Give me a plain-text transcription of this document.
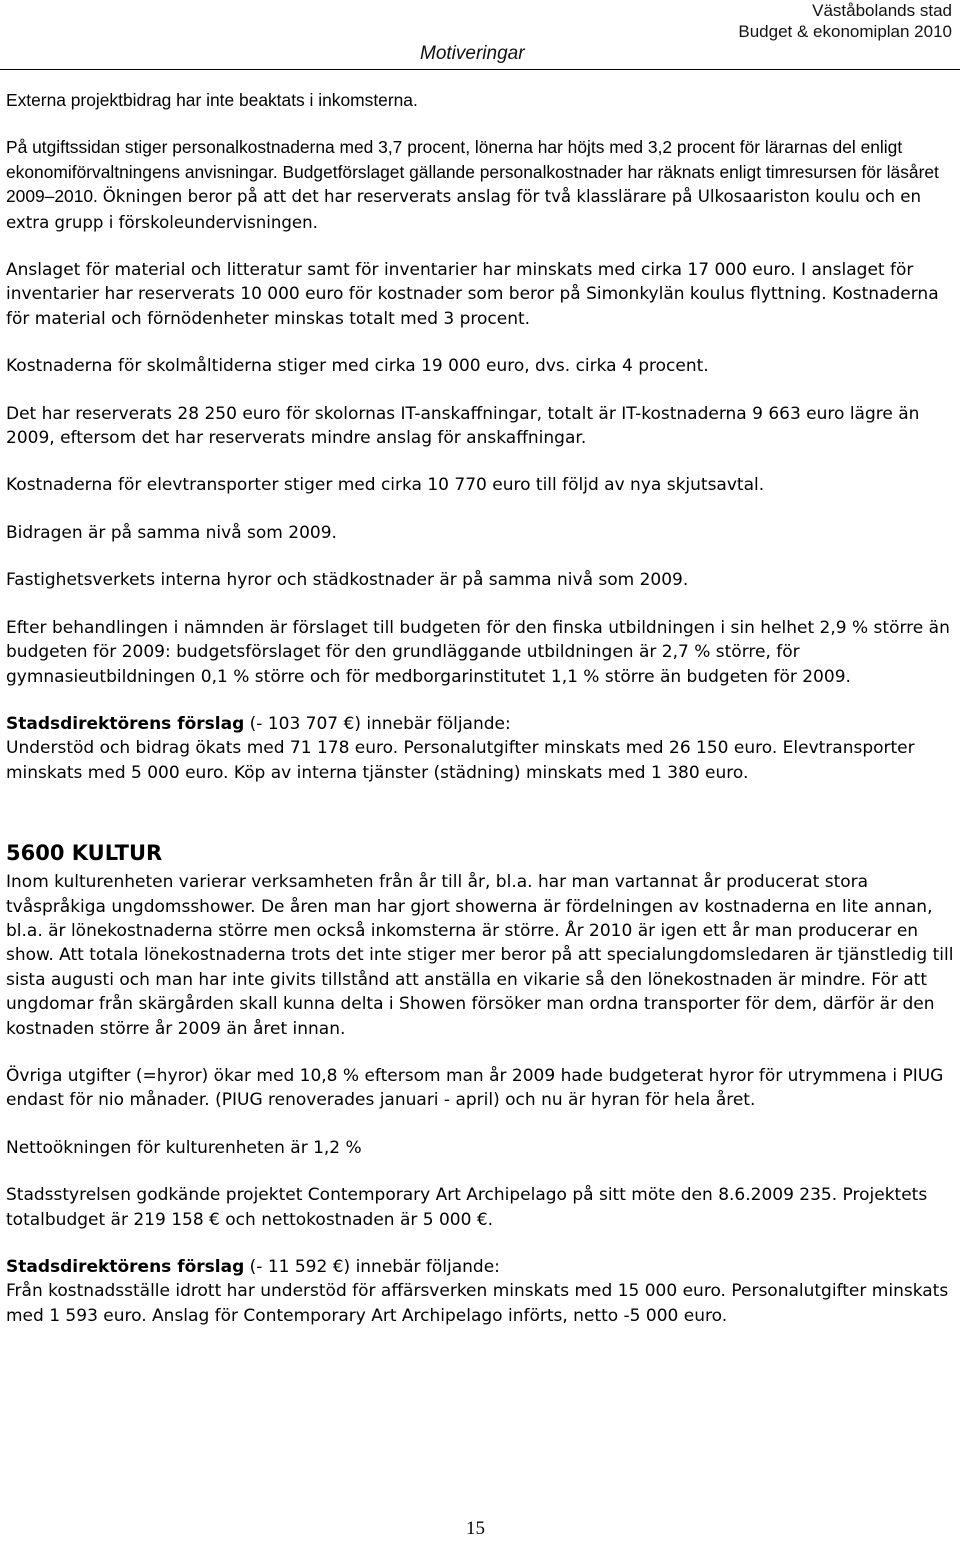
Motiveringar
Väståbolands stad
Budget & ekonomiplan 2010

Externa projektbidrag har inte beaktats i inkomsterna.

På utgiftssidan stiger personalkostnaderna med 3,7 procent, lönerna har höjts med 3,2 procent för lärarnas del enligt ekonomiförvaltningens anvisningar. Budgetförslaget gällande personalkostnader har räknats enligt timresursen för läsåret 2009–2010. Ökningen beror på att det har reserverats anslag för två klasslärare på Ulkosaariston koulu och en extra grupp i förskoleundervisningen.

Anslaget för material och litteratur samt för inventarier har minskats med cirka 17 000 euro. I anslaget för inventarier har reserverats 10 000 euro för kostnader som beror på Simonkylän koulus flyttning. Kostnaderna för material och förnödenheter minskas totalt med 3 procent.

Kostnaderna för skolmåltiderna stiger med cirka 19 000 euro, dvs. cirka 4 procent.

Det har reserverats 28 250 euro för skolornas IT-anskaffningar, totalt är IT-kostnaderna 9 663 euro lägre än 2009, eftersom det har reserverats mindre anslag för anskaffningar.

Kostnaderna för elevtransporter stiger med cirka 10 770 euro till följd av nya skjutsavtal.

Bidragen är på samma nivå som 2009.

Fastighetsverkets interna hyror och städkostnader är på samma nivå som 2009.

Efter behandlingen i nämnden är förslaget till budgeten för den finska utbildningen i sin helhet 2,9 % större än budgeten för 2009: budgetsförslaget för den grundläggande utbildningen är 2,7 % större, för gymnasieutbildningen 0,1 % större och för medborgarinstitutet 1,1 % större än budgeten för 2009.

Stadsdirektörens förslag (- 103 707 €) innebär följande:
Understöd och bidrag ökats med 71 178 euro. Personalutgifter minskats med 26 150 euro. Elevtransporter minskats med 5 000 euro. Köp av interna tjänster (städning) minskats med 1 380 euro.

5600 KULTUR

Inom kulturenheten varierar verksamheten från år till år, bl.a. har man vartannat år producerat stora tvåspråkiga ungdomsshower. De åren man har gjort showerna är fördelningen av kostnaderna en lite annan, bl.a. är lönekostnaderna större men också inkomsterna är större. År 2010 är igen ett år man producerar en show. Att totala lönekostnaderna trots det inte stiger mer beror på att specialungdomsledaren är tjänstledig till sista augusti och man har inte givits tillstånd att anställa en vikarie så den lönekostnaden är mindre. För att ungdomar från skärgården skall kunna delta i Showen försöker man ordna transporter för dem, därför är den kostnaden större år 2009 än året innan.

Övriga utgifter (=hyror) ökar med 10,8 % eftersom man år 2009 hade budgeterat hyror för utrymmena i PIUG endast för nio månader. (PIUG renoverades januari - april) och nu är hyran för hela året.

Nettoökningen för kulturenheten är 1,2 %

Stadsstyrelsen godkände projektet Contemporary Art Archipelago på sitt möte den 8.6.2009 235. Projektets totalbudget är 219 158 € och nettokostnaden är 5 000 €.

Stadsdirektörens förslag (- 11 592 €) innebär följande:
Från kostnadsställe idrott har understöd för affärsverken minskats med 15 000 euro. Personalutgifter minskats med 1 593 euro. Anslag för Contemporary Art Archipelago införts, netto -5 000 euro.

15
